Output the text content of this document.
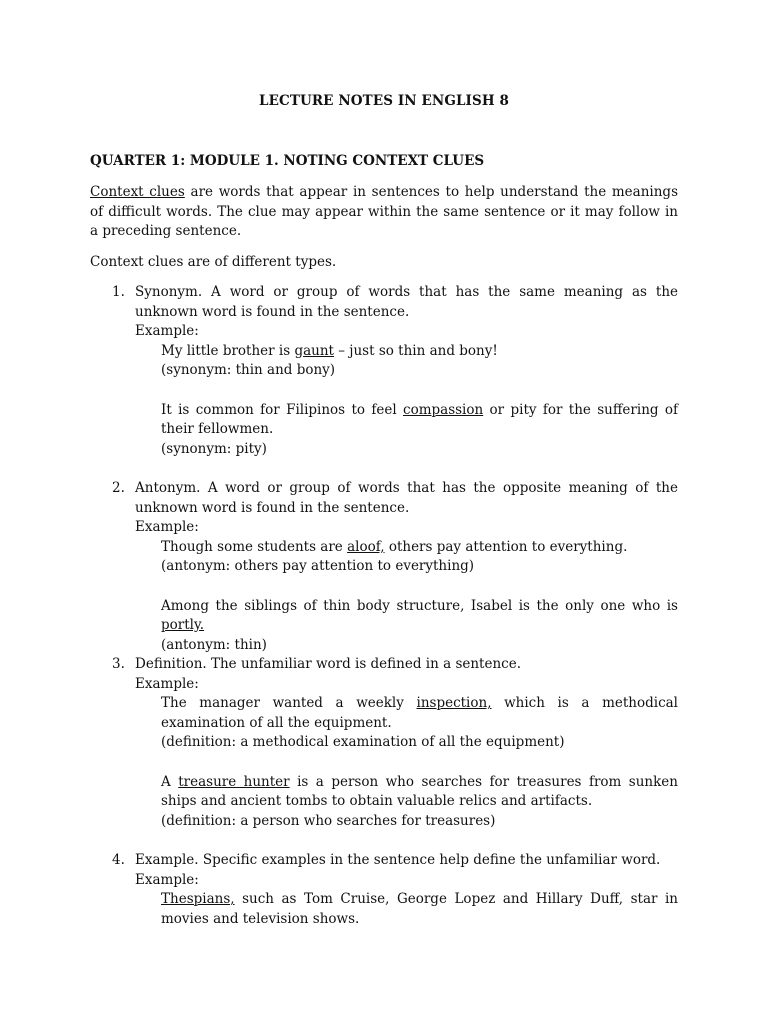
LECTURE NOTES IN ENGLISH 8
QUARTER 1: MODULE 1. NOTING CONTEXT CLUES
Context clues are words that appear in sentences to help understand the meanings of difficult words. The clue may appear within the same sentence or it may follow in a preceding sentence.
Context clues are of different types.
1. Synonym. A word or group of words that has the same meaning as the unknown word is found in the sentence.
Example:
My little brother is gaunt – just so thin and bony!
(synonym: thin and bony)
It is common for Filipinos to feel compassion or pity for the suffering of their fellowmen.
(synonym: pity)
2. Antonym. A word or group of words that has the opposite meaning of the unknown word is found in the sentence.
Example:
Though some students are aloof, others pay attention to everything.
(antonym: others pay attention to everything)
Among the siblings of thin body structure, Isabel is the only one who is portly.
(antonym: thin)
3. Definition. The unfamiliar word is defined in a sentence.
Example:
The manager wanted a weekly inspection, which is a methodical examination of all the equipment.
(definition: a methodical examination of all the equipment)
A treasure hunter is a person who searches for treasures from sunken ships and ancient tombs to obtain valuable relics and artifacts.
(definition: a person who searches for treasures)
4. Example. Specific examples in the sentence help define the unfamiliar word.
Example:
Thespians, such as Tom Cruise, George Lopez and Hillary Duff, star in movies and television shows.
